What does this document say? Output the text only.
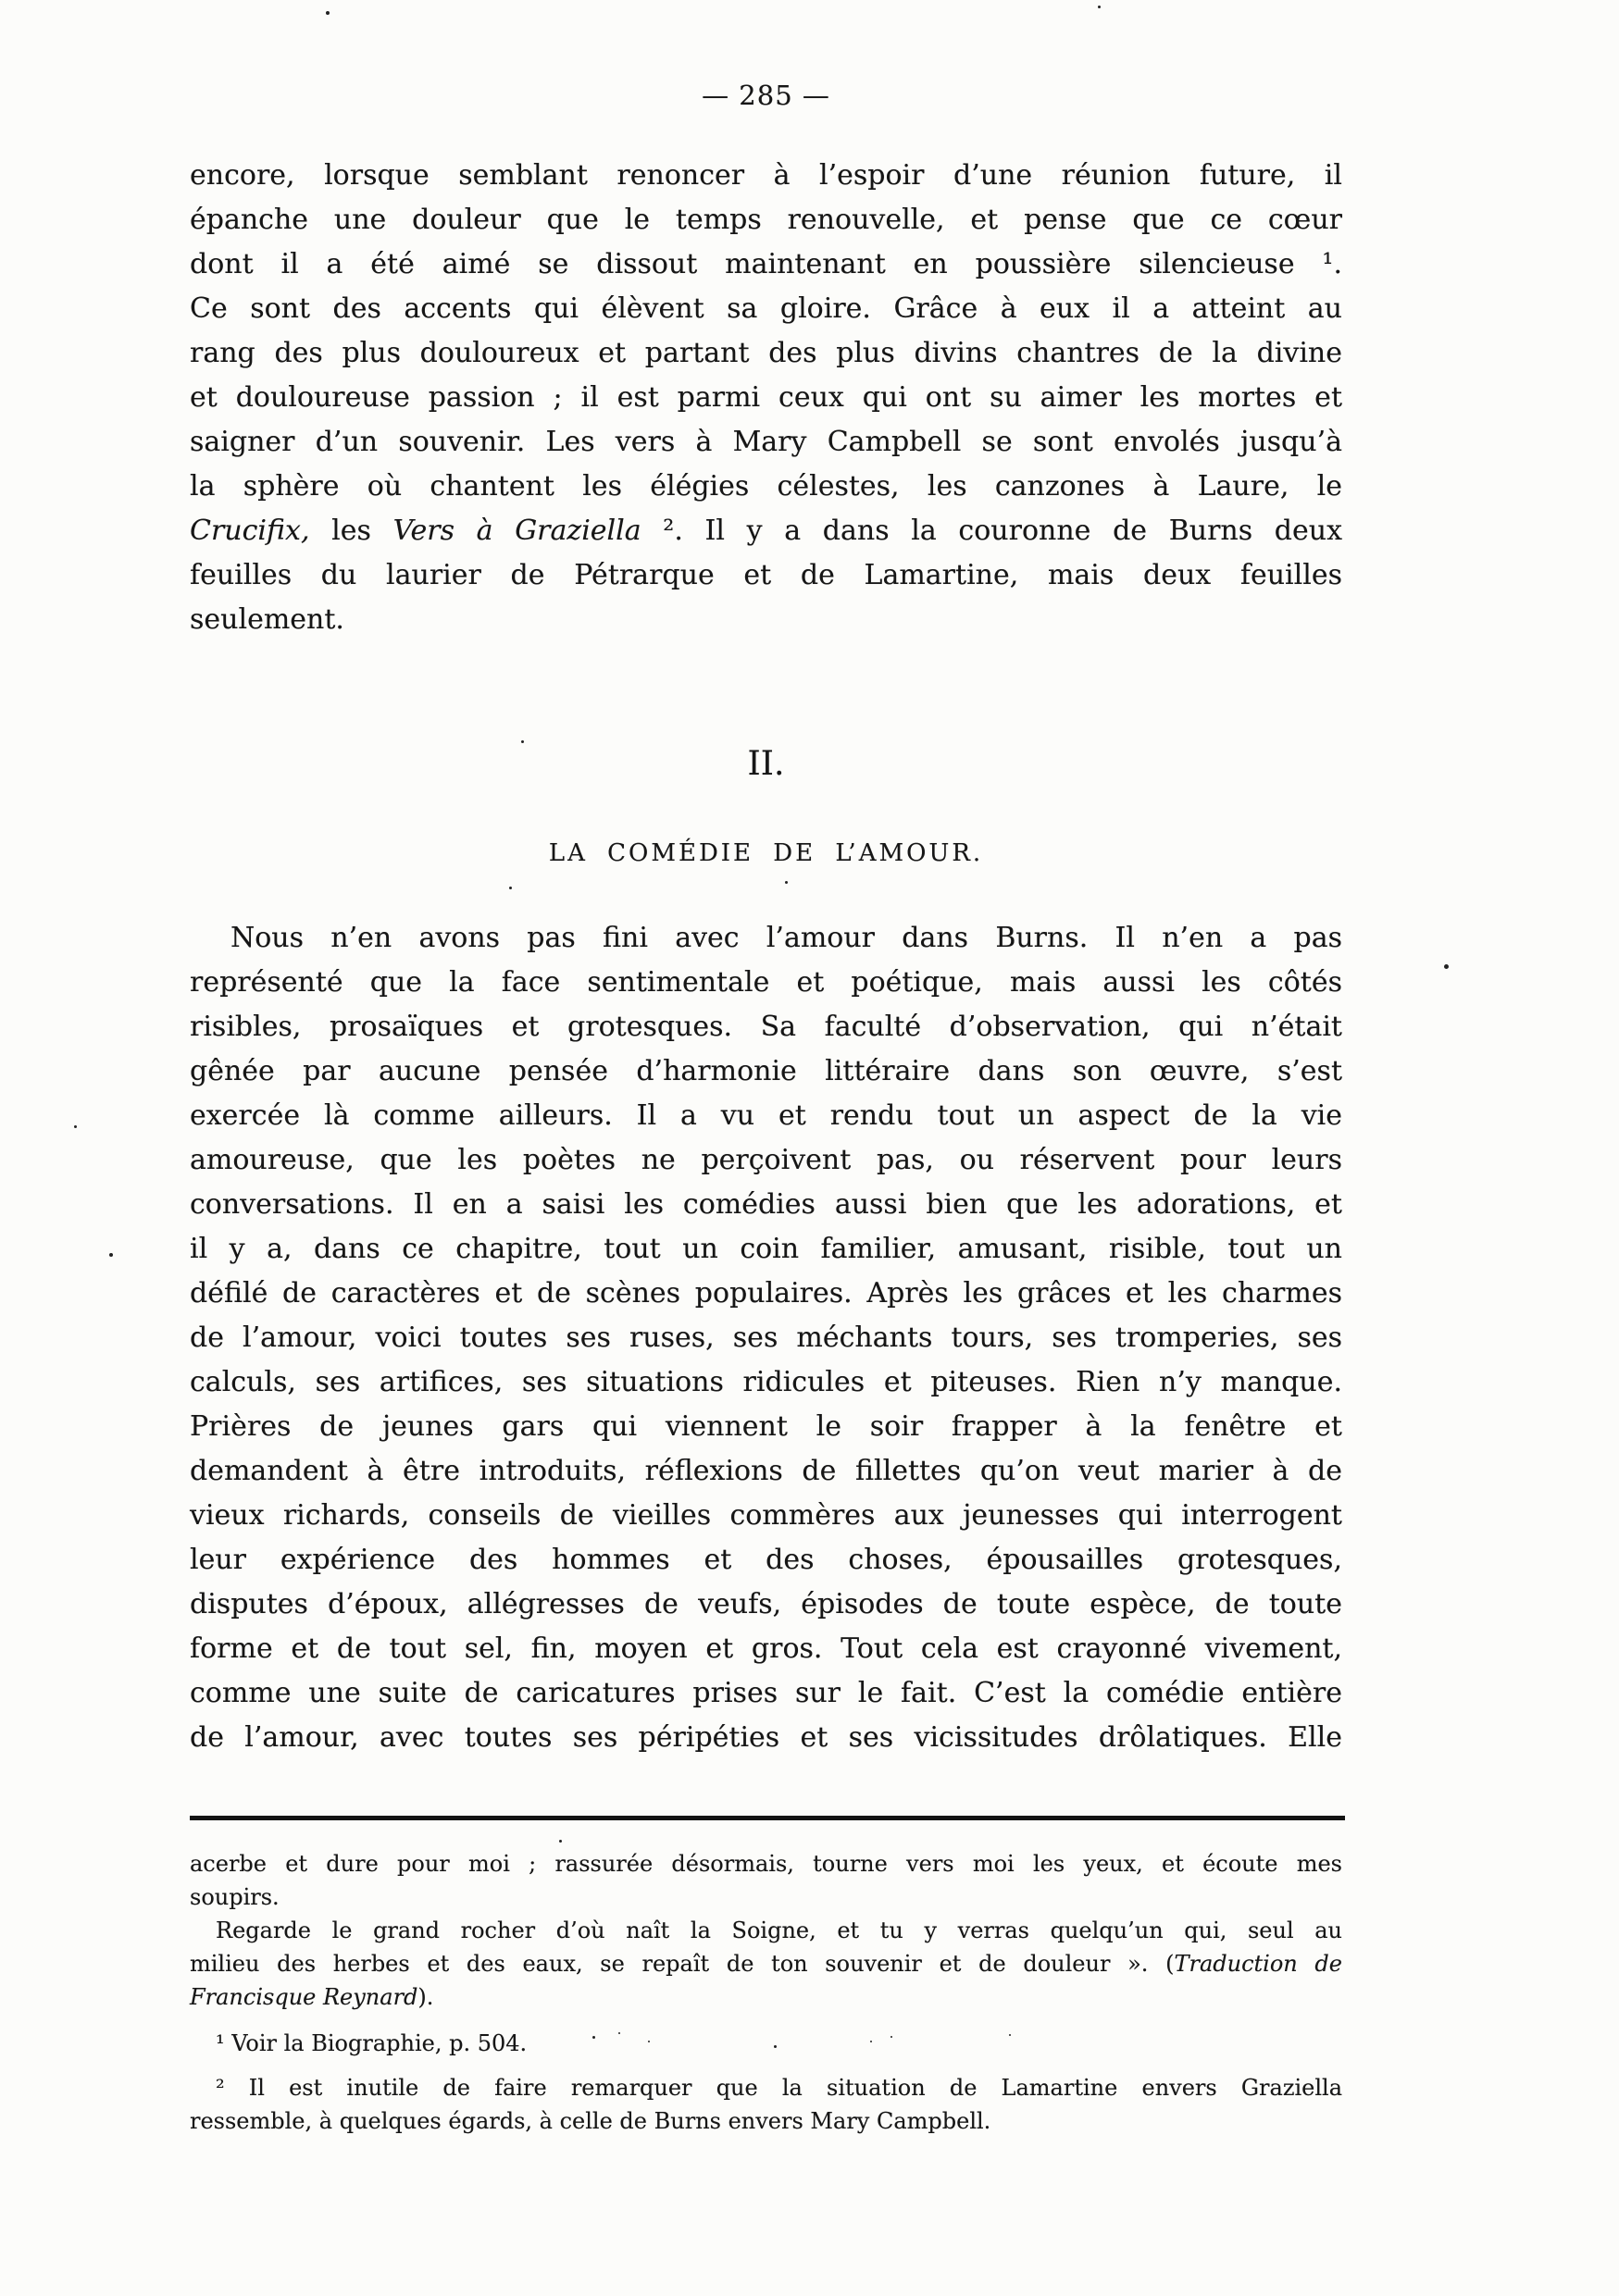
— 285 —
encore, lorsque semblant renoncer à l’espoir d’une réunion future, il
épanche une douleur que le temps renouvelle, et pense que ce cœur
dont il a été aimé se dissout maintenant en poussière silencieuse ¹.
Ce sont des accents qui élèvent sa gloire. Grâce à eux il a atteint au
rang des plus douloureux et partant des plus divins chantres de la divine
et douloureuse passion ; il est parmi ceux qui ont su aimer les mortes et
saigner d’un souvenir. Les vers à Mary Campbell se sont envolés jusqu’à
la sphère où chantent les élégies célestes, les canzones à Laure, le
Crucifix, les Vers à Graziella ². Il y a dans la couronne de Burns deux
feuilles du laurier de Pétrarque et de Lamartine, mais deux feuilles
seulement.
II.
LA COMÉDIE DE L’AMOUR.
Nous n’en avons pas fini avec l’amour dans Burns. Il n’en a pas
représenté que la face sentimentale et poétique, mais aussi les côtés
risibles, prosaïques et grotesques. Sa faculté d’observation, qui n’était
gênée par aucune pensée d’harmonie littéraire dans son œuvre, s’est
exercée là comme ailleurs. Il a vu et rendu tout un aspect de la vie
amoureuse, que les poètes ne perçoivent pas, ou réservent pour leurs
conversations. Il en a saisi les comédies aussi bien que les adorations, et
il y a, dans ce chapitre, tout un coin familier, amusant, risible, tout un
défilé de caractères et de scènes populaires. Après les grâces et les charmes
de l’amour, voici toutes ses ruses, ses méchants tours, ses tromperies, ses
calculs, ses artifices, ses situations ridicules et piteuses. Rien n’y manque.
Prières de jeunes gars qui viennent le soir frapper à la fenêtre et
demandent à être introduits, réflexions de fillettes qu’on veut marier à de
vieux richards, conseils de vieilles commères aux jeunesses qui interrogent
leur expérience des hommes et des choses, épousailles grotesques,
disputes d’époux, allégresses de veufs, épisodes de toute espèce, de toute
forme et de tout sel, fin, moyen et gros. Tout cela est crayonné vivement,
comme une suite de caricatures prises sur le fait. C’est la comédie entière
de l’amour, avec toutes ses péripéties et ses vicissitudes drôlatiques. Elle
acerbe et dure pour moi ; rassurée désormais, tourne vers moi les yeux, et écoute mes
soupirs.
Regarde le grand rocher d’où naît la Soigne, et tu y verras quelqu’un qui, seul au
milieu des herbes et des eaux, se repaît de ton souvenir et de douleur ». (Traduction de
Francisque Reynard).
¹ Voir la Biographie, p. 504.
² Il est inutile de faire remarquer que la situation de Lamartine envers Graziella
ressemble, à quelques égards, à celle de Burns envers Mary Campbell.
